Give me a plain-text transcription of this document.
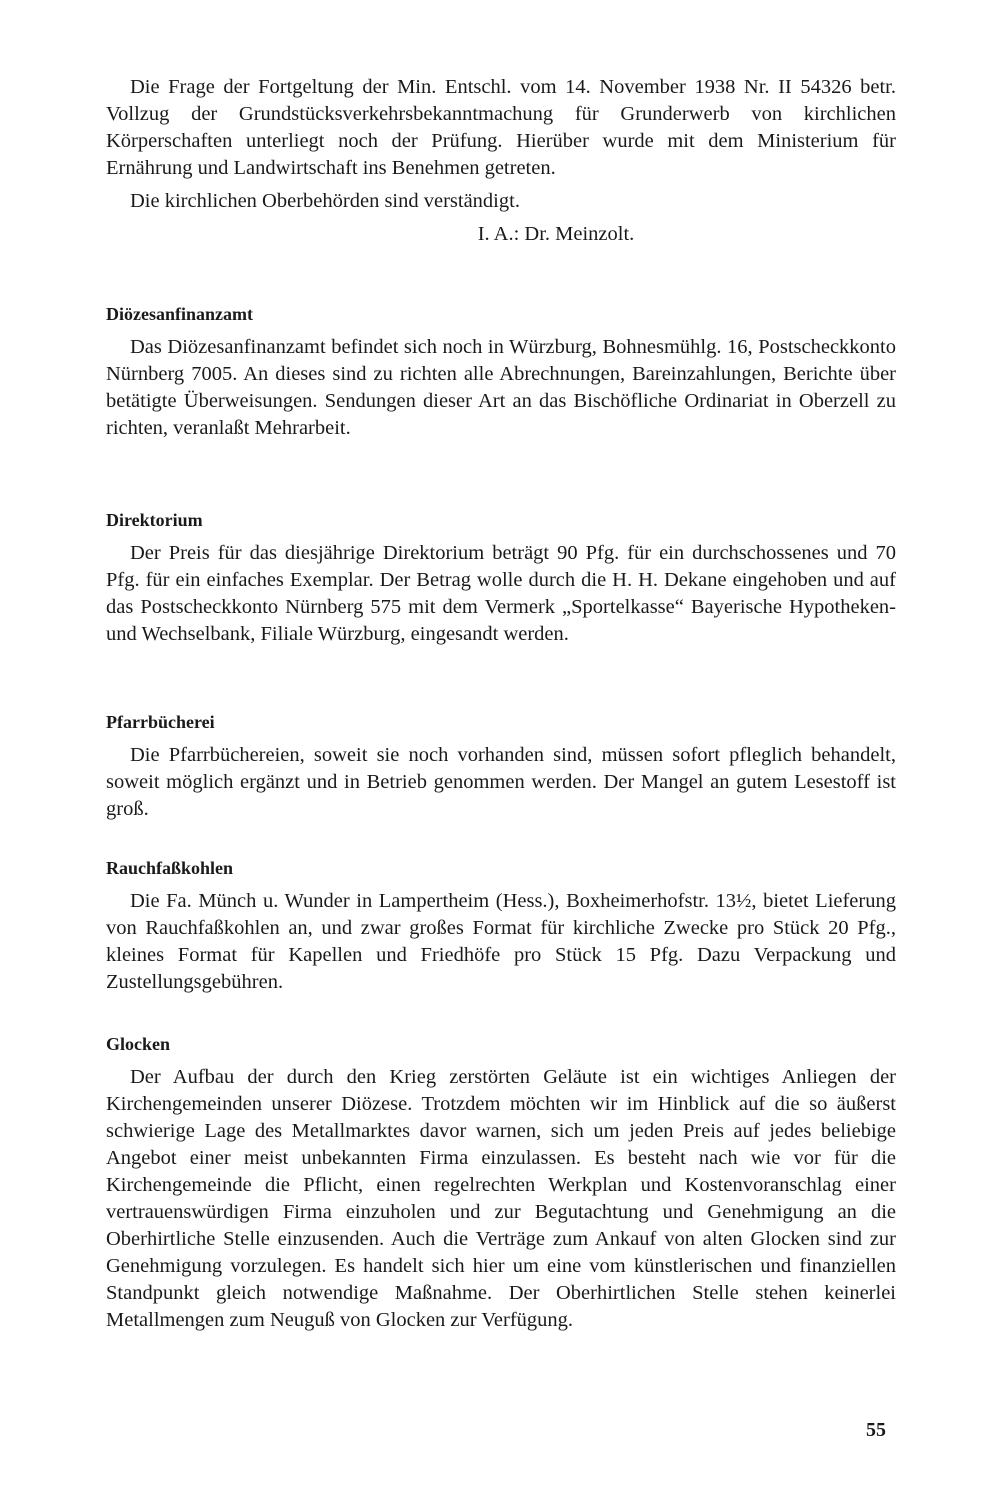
Die Frage der Fortgeltung der Min. Entschl. vom 14. November 1938 Nr. II 54326 betr. Vollzug der Grundstücksverkehrsbekanntmachung für Grunderwerb von kirchlichen Körperschaften unterliegt noch der Prüfung. Hierüber wurde mit dem Ministerium für Ernährung und Landwirtschaft ins Benehmen getreten.

Die kirchlichen Oberbehörden sind verständigt.

I. A.: Dr. Meinzolt.
Diözesanfinanzamt

Das Diözesanfinanzamt befindet sich noch in Würzburg, Bohnesmühlg. 16, Postscheckkonto Nürnberg 7005. An dieses sind zu richten alle Abrechnungen, Bareinzahlungen, Berichte über betätigte Überweisungen. Sendungen dieser Art an das Bischöfliche Ordinariat in Oberzell zu richten, veranlaßt Mehrarbeit.

Direktorium

Der Preis für das diesjährige Direktorium beträgt 90 Pfg. für ein durchschossenes und 70 Pfg. für ein einfaches Exemplar. Der Betrag wolle durch die H. H. Dekane eingehoben und auf das Postscheckkonto Nürnberg 575 mit dem Vermerk „Sportelkasse“ Bayerische Hypotheken- und Wechselbank, Filiale Würzburg, eingesandt werden.

Pfarrbücherei

Die Pfarrbüchereien, soweit sie noch vorhanden sind, müssen sofort pfleglich behandelt, soweit möglich ergänzt und in Betrieb genommen werden. Der Mangel an gutem Lesestoff ist groß.

Rauchfaßkohlen

Die Fa. Münch u. Wunder in Lampertheim (Hess.), Boxheimerhofstr. 13½, bietet Lieferung von Rauchfaßkohlen an, und zwar großes Format für kirchliche Zwecke pro Stück 20 Pfg., kleines Format für Kapellen und Friedhöfe pro Stück 15 Pfg. Dazu Verpackung und Zustellungsgebühren.

Glocken

Der Aufbau der durch den Krieg zerstörten Geläute ist ein wichtiges Anliegen der Kirchengemeinden unserer Diözese. Trotzdem möchten wir im Hinblick auf die so äußerst schwierige Lage des Metallmarktes davor warnen, sich um jeden Preis auf jedes beliebige Angebot einer meist unbekannten Firma einzulassen. Es besteht nach wie vor für die Kirchengemeinde die Pflicht, einen regelrechten Werkplan und Kostenvoranschlag einer vertrauenswürdigen Firma einzuholen und zur Begutachtung und Genehmigung an die Oberhirtliche Stelle einzusenden. Auch die Verträge zum Ankauf von alten Glocken sind zur Genehmigung vorzulegen. Es handelt sich hier um eine vom künstlerischen und finanziellen Standpunkt gleich notwendige Maßnahme. Der Oberhirtlichen Stelle stehen keinerlei Metallmengen zum Neuguß von Glocken zur Verfügung.

55
